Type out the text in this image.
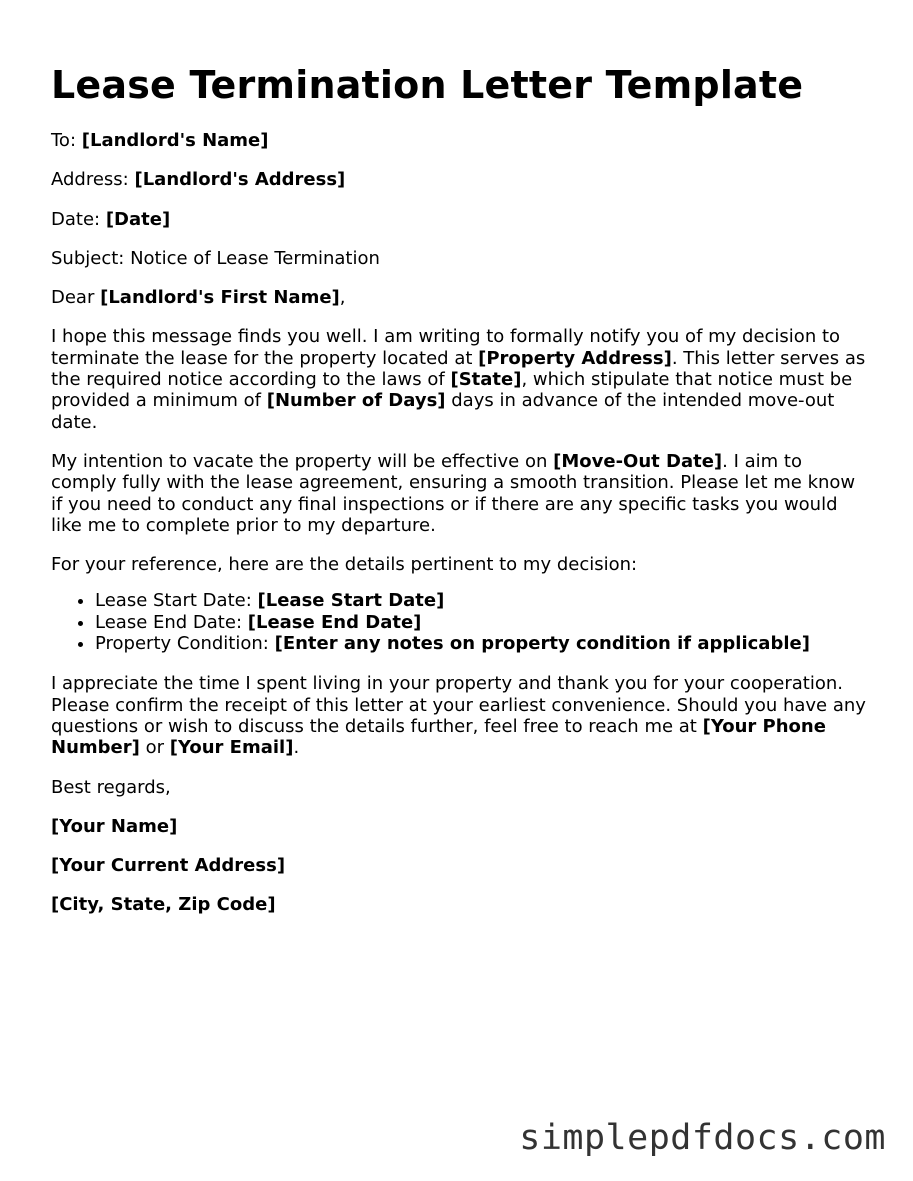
Lease Termination Letter Template

To: [Landlord's Name]

Address: [Landlord's Address]

Date: [Date]

Subject: Notice of Lease Termination

Dear [Landlord's First Name],

I hope this message finds you well. I am writing to formally notify you of my decision to terminate the lease for the property located at [Property Address]. This letter serves as the required notice according to the laws of [State], which stipulate that notice must be provided a minimum of [Number of Days] days in advance of the intended move-out date.

My intention to vacate the property will be effective on [Move-Out Date]. I aim to comply fully with the lease agreement, ensuring a smooth transition. Please let me know if you need to conduct any final inspections or if there are any specific tasks you would like me to complete prior to my departure.

For your reference, here are the details pertinent to my decision:

• Lease Start Date: [Lease Start Date]
• Lease End Date: [Lease End Date]
• Property Condition: [Enter any notes on property condition if applicable]

I appreciate the time I spent living in your property and thank you for your cooperation. Please confirm the receipt of this letter at your earliest convenience. Should you have any questions or wish to discuss the details further, feel free to reach me at [Your Phone Number] or [Your Email].

Best regards,

[Your Name]

[Your Current Address]

[City, State, Zip Code]

simplepdfdocs.com
